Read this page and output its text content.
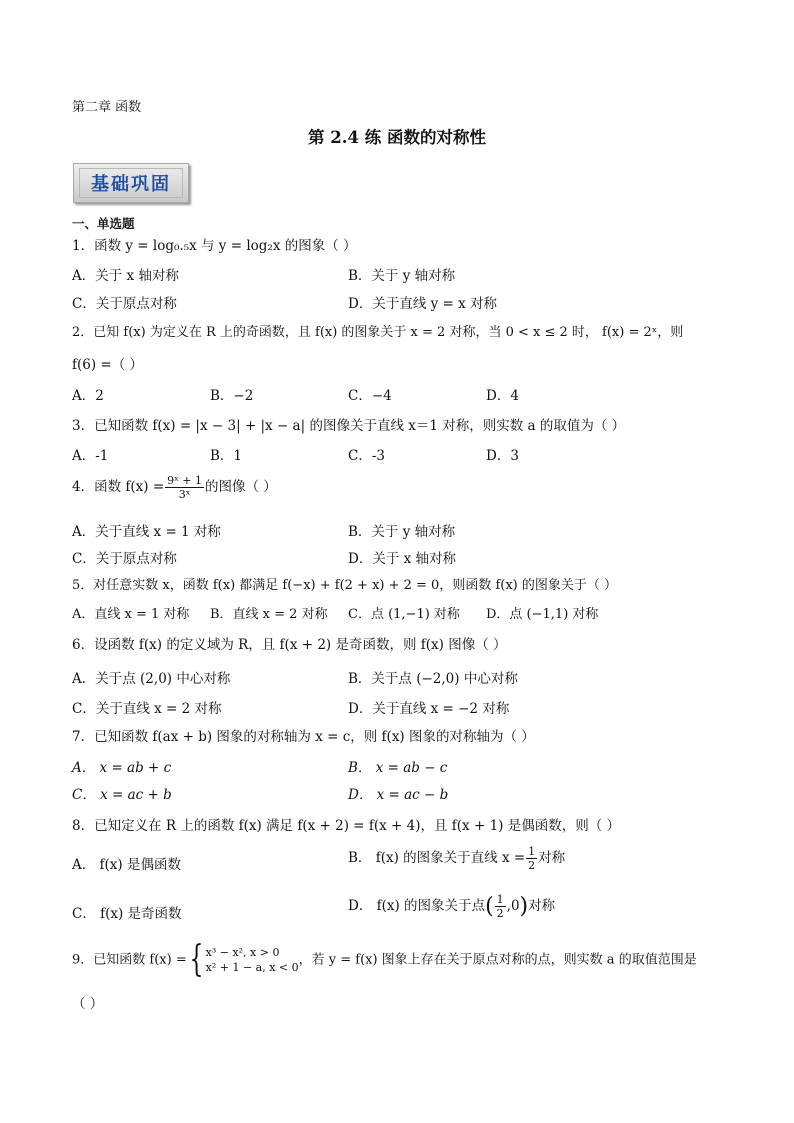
第二章 函数
第 2.4 练 函数的对称性
基础巩固
一、单选题
1．函数 y = log₀.₅x 与 y = log₂x 的图象（ ）
A．关于 x 轴对称	B．关于 y 轴对称
C．关于原点对称	D．关于直线 y = x 对称
2．已知 f(x) 为定义在 R 上的奇函数，且 f(x) 的图象关于 x = 2 对称，当 0 < x ≤ 2 时， f(x) = 2ˣ，则
f(6) =（ ）
A．2	B．−2	C．−4	D．4
3．已知函数 f(x) = |x − 3| + |x − a| 的图像关于直线 x＝1 对称，则实数 a 的取值为（ ）
A．-1	B．1	C．-3	D．3
4．函数 $f(x) = \frac{\text{9ˣ + 1}}{\text{3ˣ}}$ 的图像（ ）
A．关于直线 x = 1 对称	B．关于 y 轴对称
C．关于原点对称	D．关于 x 轴对称
5．对任意实数 x，函数 f(x) 都满足 f(−x) + f(2 + x) + 2 = 0，则函数 f(x) 的图象关于（ ）
A．直线 x = 1 对称 B．直线 x = 2 对称 C．点 (1,−1) 对称 D．点 (−1,1) 对称
6．设函数 f(x) 的定义域为 R，且 f(x + 2) 是奇函数，则 f(x) 图像（ ）
A．关于点 (2,0) 中心对称	B．关于点 (−2,0) 中心对称
C．关于直线 x = 2 对称	D．关于直线 x = −2 对称
7．已知函数 f(ax + b) 图象的对称轴为 x = c，则 f(x) 图象的对称轴为（ ）
A． x = ab + c	B． x = ab − c
C． x = ac + b	D． x = ac − b
8．已知定义在 R 上的函数 f(x) 满足 f(x + 2) = f(x + 4)，且 f(x + 1) 是偶函数，则（ ）
A． f(x) 是偶函数	B． f(x) 的图象关于直线 $x = \frac{1}{2}$ 对称
C． f(x) 是奇函数	D． f(x) 的图象关于点( $\frac{1}{2} ,0$)对称
9．已知函数 f(x) ={ x³ − x², x > 0
x² + 1 − a, x < 0 ，若 y = f(x) 图象上存在关于原点对称的点，则实数 a 的取值范围是
（ ）
